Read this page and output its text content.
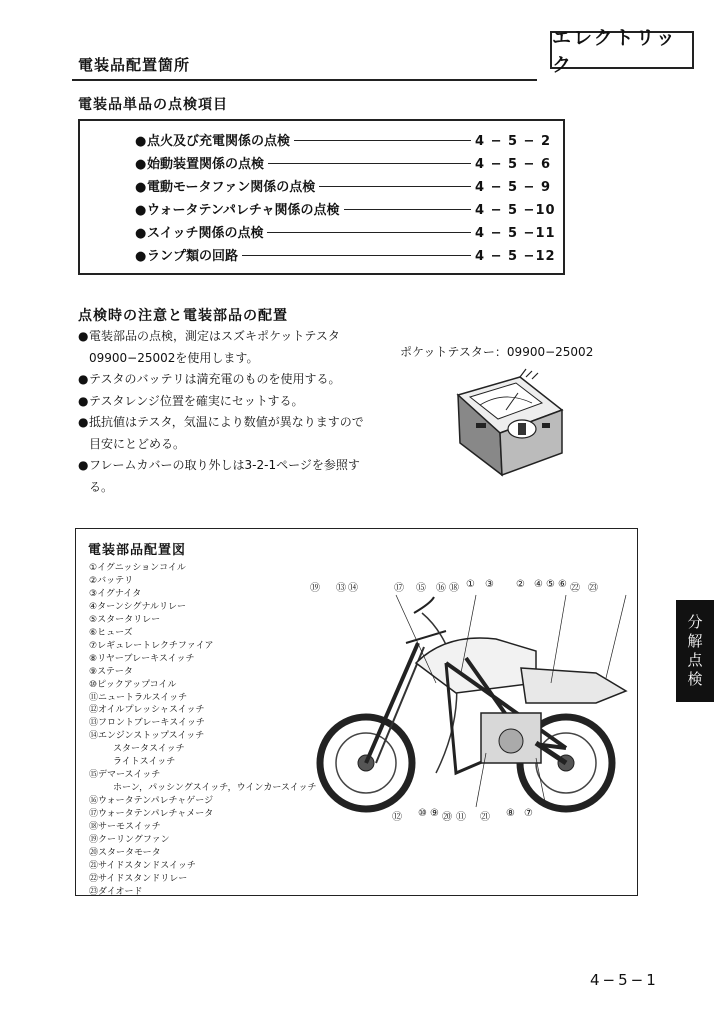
電装品配置箇所
エレクトリック
電装品単品の点検項目
● 点火及び充電関係の点検	4 − 5 − 2
● 始動装置関係の点検	4 − 5 − 6
● 電動モータファン関係の点検	4 − 5 − 9
● ウォータテンパレチャ関係の点検	4 − 5 −10
● スイッチ関係の点検	4 − 5 −11
● ランプ類の回路	4 − 5 −12
点検時の注意と電装部品の配置
● 電装部品の点検，測定はスズキポケットテスタ09900−25002を使用します。
● テスタのバッテリは満充電のものを使用する。
● テスタレンジ位置を確実にセットする。
● 抵抗値はテスタ，気温により数値が異なりますので目安にとどめる。
● フレームカバーの取り外しは3-2-1ページを参照する。
ポケットテスター：09900−25002
電装部品配置図
①イグニッションコイル
②バッテリ
③イグナイタ
④ターンシグナルリレー
⑤スタータリレー
⑥ヒューズ
⑦レギュレートレクチファイア
⑧リヤーブレーキスイッチ
⑨ステータ
⑩ピックアップコイル
⑪ニュートラルスイッチ
⑫オイルプレッシャスイッチ
⑬フロントブレーキスイッチ
⑭エンジンストップスイッチ
スタータスイッチ
ライトスイッチ
⑮デマースイッチ
ホーン，パッシングスイッチ，ウインカースイッチ
⑯ウォータテンパレチャゲージ
⑰ウォータテンパレチャメータ
⑱サーモスイッチ
⑲クーリングファン
⑳スタータモータ
㉑サイドスタンドスイッチ
㉒サイドスタンドリレー
㉓ダイオード
⑲ ⑬ ⑭	⑰ ⑮ ⑯ ⑱ ① ③ ② ④ ⑤ ⑥ ㉒ ㉓
⑫ ⑩ ⑨ ⑳ ⑪ ㉑ ⑧ ⑦
分解点検
4−5−1
